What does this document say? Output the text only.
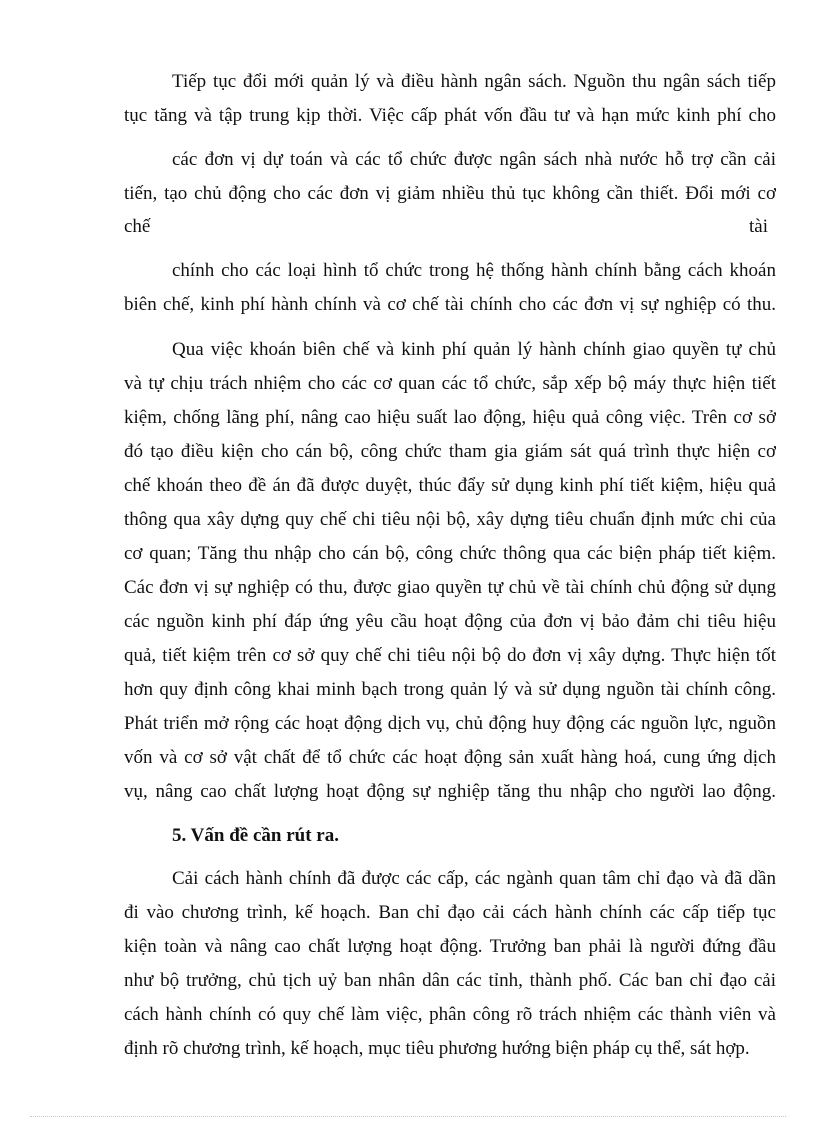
Tiếp tục đổi mới quản lý và điều hành ngân sách. Nguồn thu ngân sách tiếp
tục tăng và tập trung kịp thời. Việc cấp phát vốn đầu tư và hạn mức kinh phí cho
các đơn vị dự toán và các tổ chức được ngân sách nhà nước hỗ trợ cần cải
tiến, tạo chủ động cho các đơn vị giảm nhiều thủ tục không cần thiết. Đổi mới cơ
chế	tài
chính cho các loại hình tổ chức trong hệ thống hành chính bằng cách khoán
biên chế, kinh phí hành chính và cơ chế tài chính cho các đơn vị sự nghiệp có thu.
Qua việc khoán biên chế và kinh phí quản lý hành chính giao quyền tự chủ
và tự chịu trách nhiệm cho các cơ quan các tổ chức, sắp xếp bộ máy thực hiện tiết
kiệm, chống lãng phí, nâng cao hiệu suất lao động, hiệu quả công việc. Trên cơ sở
đó tạo điều kiện cho cán bộ, công chức tham gia giám sát quá trình thực hiện cơ
chế khoán theo đề án đã được duyệt, thúc đẩy sử dụng kinh phí tiết kiệm, hiệu quả
thông qua xây dựng quy chế chi tiêu nội bộ, xây dựng tiêu chuẩn định mức chi của
cơ quan; Tăng thu nhập cho cán bộ, công chức thông qua các biện pháp tiết kiệm.
Các đơn vị sự nghiệp có thu, được giao quyền tự chủ về tài chính chủ động sử dụng
các nguồn kinh phí đáp ứng yêu cầu hoạt động của đơn vị bảo đảm chi tiêu hiệu
quả, tiết kiệm trên cơ sở quy chế chi tiêu nội bộ do đơn vị xây dựng. Thực hiện tốt
hơn quy định công khai minh bạch trong quản lý và sử dụng nguồn tài chính công.
Phát triển mở rộng các hoạt động dịch vụ, chủ động huy động các nguồn lực, nguồn
vốn và cơ sở vật chất để tổ chức các hoạt động sản xuất hàng hoá, cung ứng dịch
vụ, nâng cao chất lượng hoạt động sự nghiệp tăng thu nhập cho người lao động.
5. Vấn đề cần rút ra.
Cải cách hành chính đã được các cấp, các ngành quan tâm chỉ đạo và đã dần
đi vào chương trình, kế hoạch. Ban chỉ đạo cải cách hành chính các cấp tiếp tục
kiện toàn và nâng cao chất lượng hoạt động. Trưởng ban phải là người đứng đầu
như bộ trưởng, chủ tịch uỷ ban nhân dân các tỉnh, thành phố. Các ban chỉ đạo cải
cách hành chính có quy chế làm việc, phân công rõ trách nhiệm các thành viên và
định rõ chương trình, kế hoạch, mục tiêu phương hướng biện pháp cụ thể, sát hợp.
